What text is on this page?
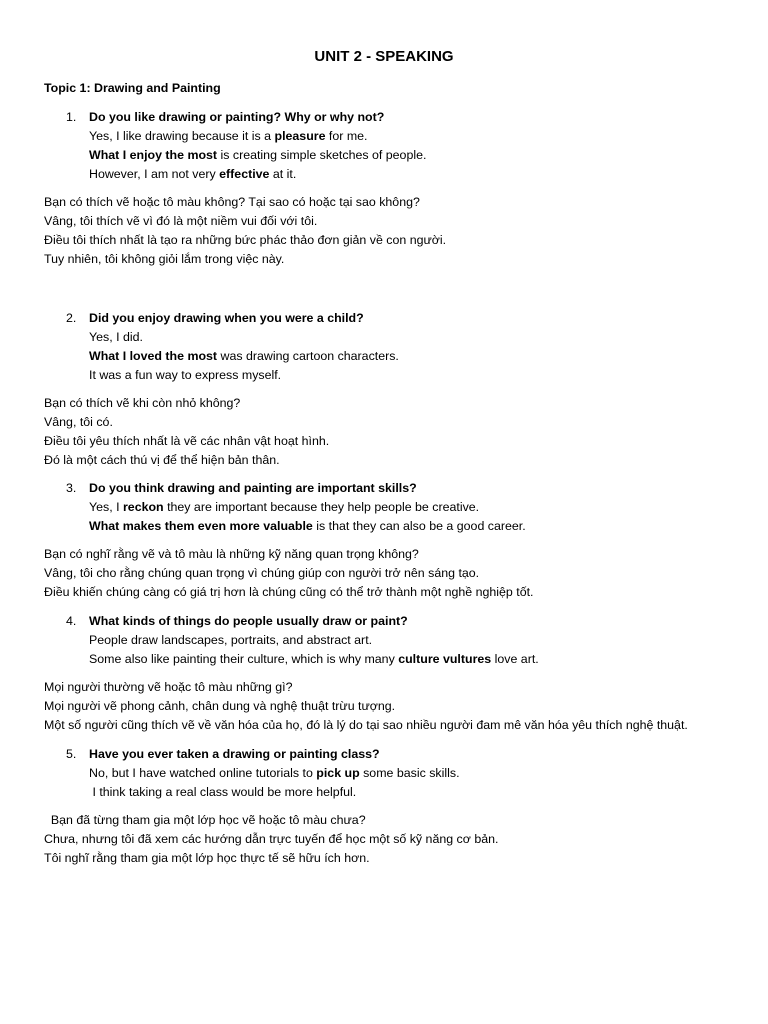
UNIT 2 - SPEAKING
Topic 1: Drawing and Painting
1. Do you like drawing or painting? Why or why not?
Yes, I like drawing because it is a pleasure for me.
What I enjoy the most is creating simple sketches of people.
However, I am not very effective at it.
Bạn có thích vẽ hoặc tô màu không? Tại sao có hoặc tại sao không?
Vâng, tôi thích vẽ vì đó là một niềm vui đối với tôi.
Điều tôi thích nhất là tạo ra những bức phác thảo đơn giản về con người.
Tuy nhiên, tôi không giỏi lắm trong việc này.
2. Did you enjoy drawing when you were a child?
Yes, I did.
What I loved the most was drawing cartoon characters.
It was a fun way to express myself.
Bạn có thích vẽ khi còn nhỏ không?
Vâng, tôi có.
Điều tôi yêu thích nhất là vẽ các nhân vật hoạt hình.
Đó là một cách thú vị để thể hiện bản thân.
3. Do you think drawing and painting are important skills?
Yes, I reckon they are important because they help people be creative.
What makes them even more valuable is that they can also be a good career.
Bạn có nghĩ rằng vẽ và tô màu là những kỹ năng quan trọng không?
Vâng, tôi cho rằng chúng quan trọng vì chúng giúp con người trở nên sáng tạo.
Điều khiến chúng càng có giá trị hơn là chúng cũng có thể trở thành một nghề nghiệp tốt.
4. What kinds of things do people usually draw or paint?
People draw landscapes, portraits, and abstract art.
Some also like painting their culture, which is why many culture vultures love art.
Mọi người thường vẽ hoặc tô màu những gì?
Mọi người vẽ phong cảnh, chân dung và nghệ thuật trừu tượng.
Một số người cũng thích vẽ về văn hóa của họ, đó là lý do tại sao nhiều người đam mê văn hóa yêu thích nghệ thuật.
5. Have you ever taken a drawing or painting class?
No, but I have watched online tutorials to pick up some basic skills.
I think taking a real class would be more helpful.
Bạn đã từng tham gia một lớp học vẽ hoặc tô màu chưa?
Chưa, nhưng tôi đã xem các hướng dẫn trực tuyến để học một số kỹ năng cơ bản.
Tôi nghĩ rằng tham gia một lớp học thực tế sẽ hữu ích hơn.
